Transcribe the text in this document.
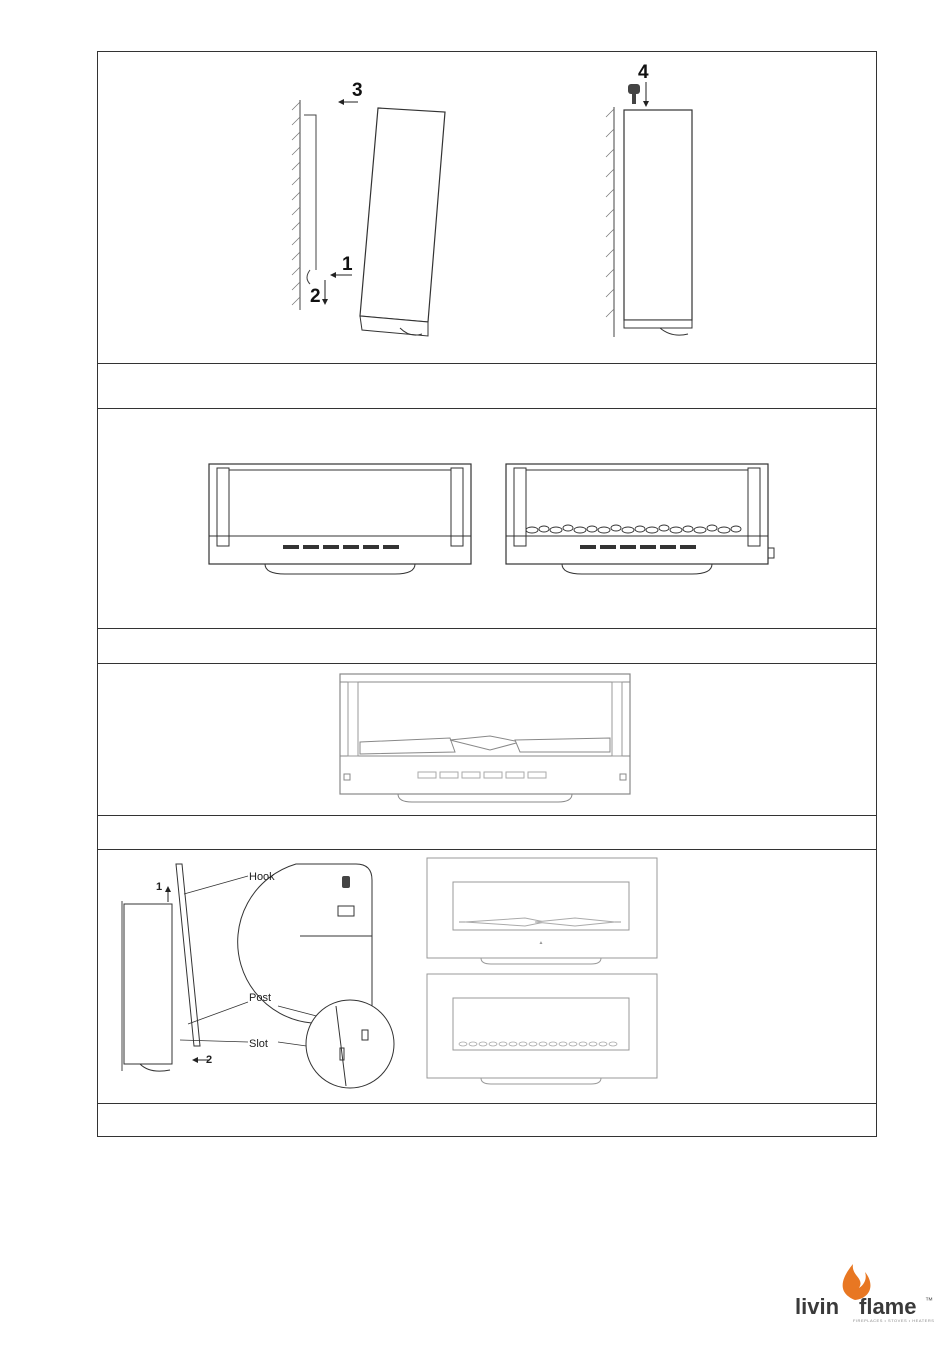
3
1
2
4
Hook
Post
Slot
1
2
▲
livin flame ™
FIREPLACES • STOVES • HEATERS
